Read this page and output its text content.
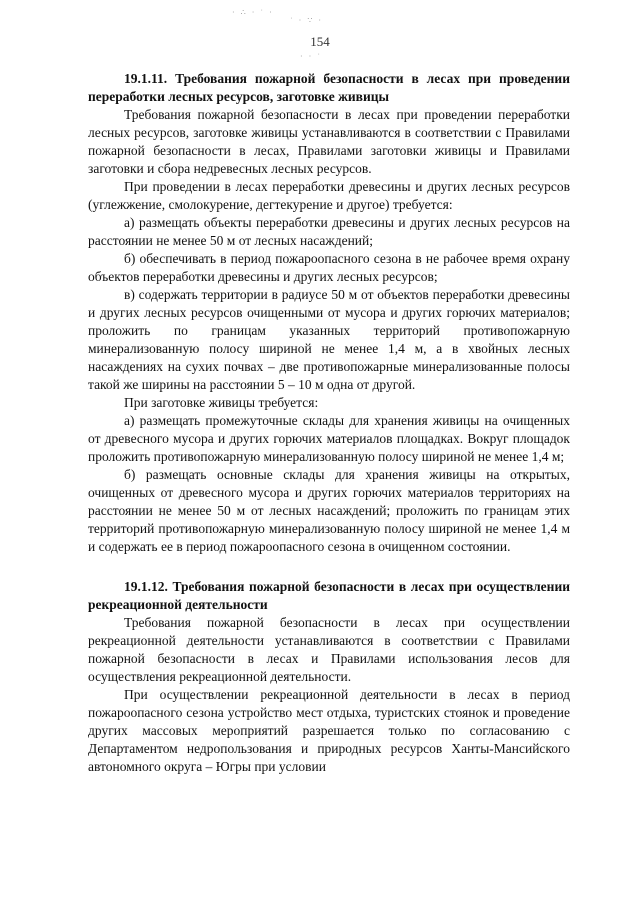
· ∴ · ˙ ·
˙ · ∵ ·
· · ˙
154

19.1.11. Требования пожарной безопасности в лесах при проведении переработки лесных ресурсов, заготовке живицы

Требования пожарной безопасности в лесах при проведении переработки лесных ресурсов, заготовке живицы устанавливаются в соответствии с Правилами пожарной безопасности в лесах, Правилами заготовки живицы и Правилами заготовки и сбора недревесных лесных ресурсов.

При проведении в лесах переработки древесины и других лесных ресурсов (углежжение, смолокурение, дегтекурение и другое) требуется:

а) размещать объекты переработки древесины и других лесных ресурсов на расстоянии не менее 50 м от лесных насаждений;

б) обеспечивать в период пожароопасного сезона в не рабочее время охрану объектов переработки древесины и других лесных ресурсов;

в) содержать территории в радиусе 50 м от объектов переработки древесины и других лесных ресурсов очищенными от мусора и других горючих материалов; проложить по границам указанных территорий противопожарную минерализованную полосу шириной не менее 1,4 м, а в хвойных лесных насаждениях на сухих почвах – две противопожарные минерализованные полосы такой же ширины на расстоянии 5 – 10 м одна от другой.

При заготовке живицы требуется:

а) размещать промежуточные склады для хранения живицы на очищенных от древесного мусора и других горючих материалов площадках. Вокруг площадок проложить противопожарную минерализованную полосу шириной не менее 1,4 м;

б) размещать основные склады для хранения живицы на открытых, очищенных от древесного мусора и других горючих материалов территориях на расстоянии не менее 50 м от лесных насаждений; проложить по границам этих территорий противопожарную минерализованную полосу шириной не менее 1,4 м и содержать ее в период пожароопасного сезона в очищенном состоянии.

19.1.12. Требования пожарной безопасности в лесах при осуществлении рекреационной деятельности

Требования пожарной безопасности в лесах при осуществлении рекреационной деятельности устанавливаются в соответствии с Правилами пожарной безопасности в лесах и Правилами использования лесов для осуществления рекреационной деятельности.

При осуществлении рекреационной деятельности в лесах в период пожароопасного сезона устройство мест отдыха, туристских стоянок и проведение других массовых мероприятий разрешается только по согласованию с Департаментом недропользования и природных ресурсов Ханты-Мансийского автономного округа – Югры при условии
